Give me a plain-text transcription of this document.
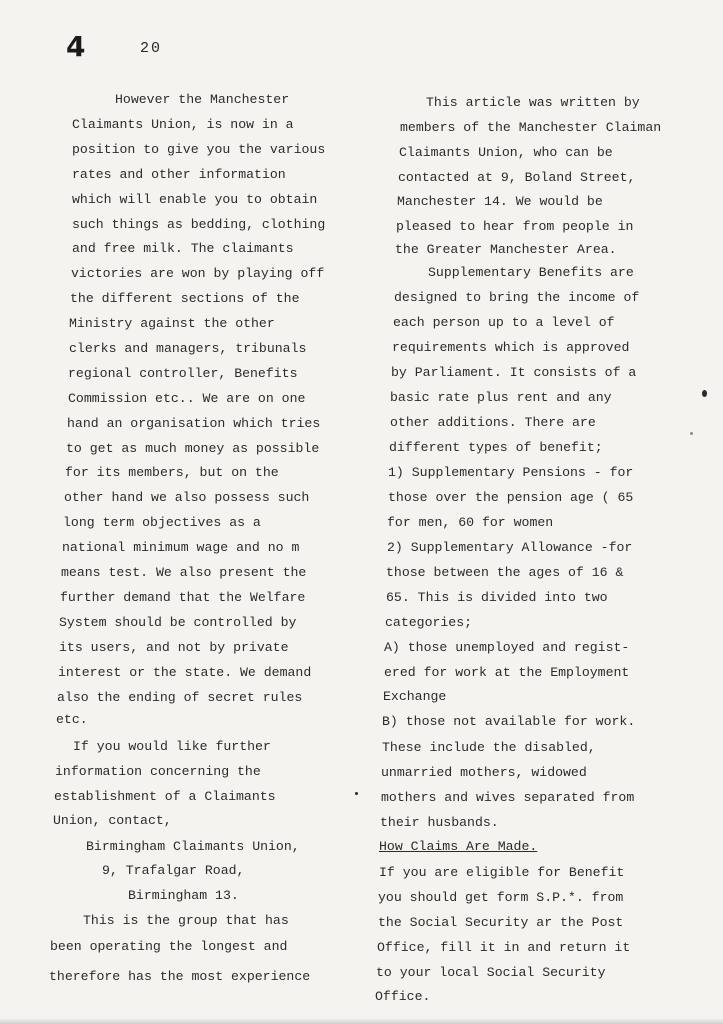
4	20
However the Manchester
Claimants Union, is now in a
position to give you the various
rates and other information
which will enable you to obtain
such things as bedding, clothing
and free milk. The claimants
victories are won by playing off
the different sections of the
Ministry against the other
clerks and managers, tribunals
regional controller, Benefits
Commission etc.. We are on one
hand an organisation which tries
to get as much money as possible
for its members, but on the
other hand we also possess such
long term objectives as a
national minimum wage and no m
means test. We also present the
further demand that the Welfare
System should be controlled by
its users, and not by private
interest or the state. We demand
also the ending of secret rules
etc.
If you would like further
information concerning the
establishment of a Claimants
Union, contact,
Birmingham Claimants Union,
9, Trafalgar Road,
Birmingham 13.
This is the group that has
been operating the longest and
therefore has the most experience
This article was written by
members of the Manchester Claiman
Claimants Union, who can be
contacted at 9, Boland Street,
Manchester 14. We would be
pleased to hear from people in
the Greater Manchester Area.
Supplementary Benefits are
designed to bring the income of
each person up to a level of
requirements which is approved
by Parliament. It consists of a
basic rate plus rent and any
other additions. There are
different types of benefit;
1) Supplementary Pensions - for
those over the pension age ( 65
for men, 60 for women
2) Supplementary Allowance -for
those between the ages of 16 &
65. This is divided into two
categories;
A) those unemployed and regist-
ered for work at the Employment
Exchange
B) those not available for work.
These include the disabled,
unmarried mothers, widowed
mothers and wives separated from
their husbands.
How Claims Are Made.
If you are eligible for Benefit
you should get form S.P.*. from
the Social Security ar the Post
Office, fill it in and return it
to your local Social Security
Office.
